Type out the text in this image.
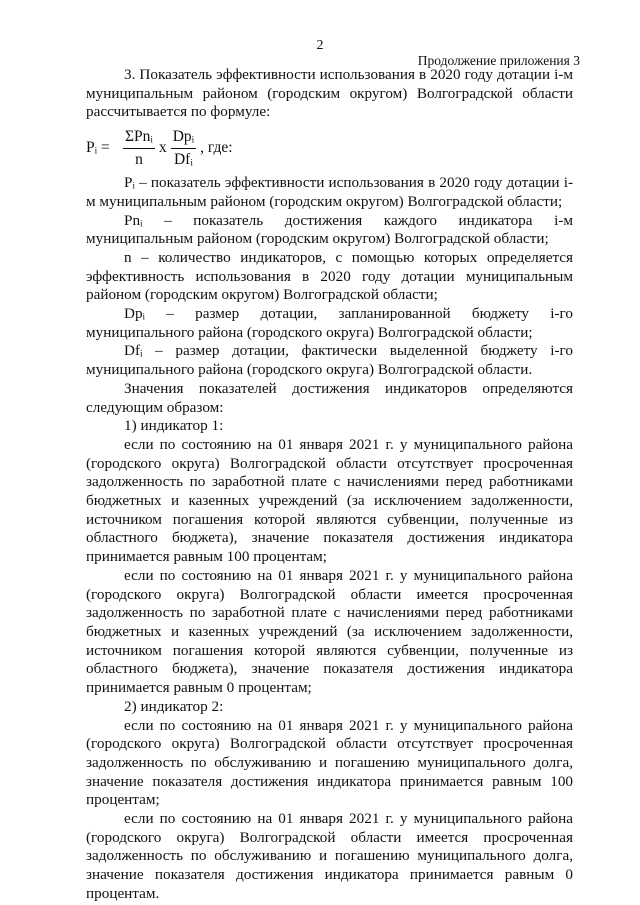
2
Продолжение приложения 3

3. Показатель эффективности использования в 2020 году дотации i-м муниципальным районом (городским округом) Волгоградской области рассчитывается по формуле:

Pᵢ = $\frac{\text{ΣPnᵢ}}{n}$ x $\frac{\text{Dpᵢ}}{\text{Dfᵢ}}$ , где:

Pᵢ – показатель эффективности использования в 2020 году дотации i-м муниципальным районом (городским округом) Волгоградской области;

Pnᵢ – показатель достижения каждого индикатора i-м муниципальным районом (городским округом) Волгоградской области;

n – количество индикаторов, с помощью которых определяется эффективность использования в 2020 году дотации муниципальным районом (городским округом) Волгоградской области;

Dpᵢ – размер дотации, запланированной бюджету i-го муниципального района (городского округа) Волгоградской области;

Dfᵢ – размер дотации, фактически выделенной бюджету i-го муниципального района (городского округа) Волгоградской области.

Значения показателей достижения индикаторов определяются следующим образом:

1) индикатор 1:

если по состоянию на 01 января 2021 г. у муниципального района (городского округа) Волгоградской области отсутствует просроченная задолженность по заработной плате с начислениями перед работниками бюджетных и казенных учреждений (за исключением задолженности, источником погашения которой являются субвенции, полученные из областного бюджета), значение показателя достижения индикатора принимается равным 100 процентам;

если по состоянию на 01 января 2021 г. у муниципального района (городского округа) Волгоградской области имеется просроченная задолженность по заработной плате с начислениями перед работниками бюджетных и казенных учреждений (за исключением задолженности, источником погашения которой являются субвенции, полученные из областного бюджета), значение показателя достижения индикатора принимается равным 0 процентам;

2) индикатор 2:

если по состоянию на 01 января 2021 г. у муниципального района (городского округа) Волгоградской области отсутствует просроченная задолженность по обслуживанию и погашению муниципального долга, значение показателя достижения индикатора принимается равным 100 процентам;

если по состоянию на 01 января 2021 г. у муниципального района (городского округа) Волгоградской области имеется просроченная задолженность по обслуживанию и погашению муниципального долга, значение показателя достижения индикатора принимается равным 0 процентам.
